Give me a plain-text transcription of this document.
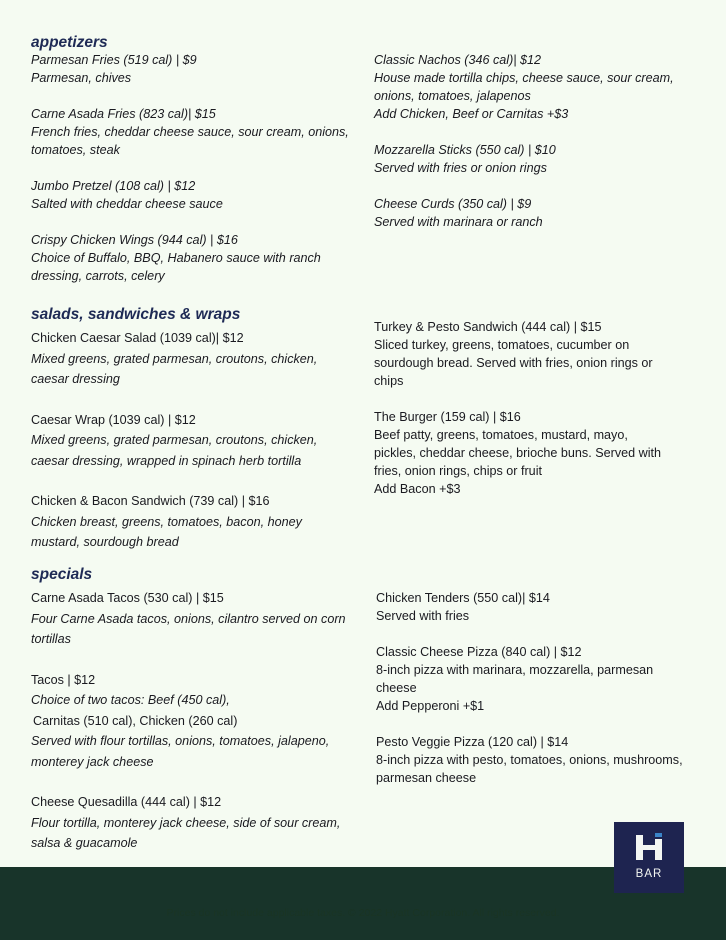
appetizers
Parmesan Fries (519 cal) | $9
Parmesan, chives
Carne Asada Fries (823 cal)| $15
French fries, cheddar cheese sauce, sour cream, onions, tomatoes, steak
Jumbo Pretzel (108 cal) | $12
Salted with cheddar cheese sauce
Crispy Chicken Wings (944 cal) | $16
Choice of Buffalo, BBQ, Habanero sauce with ranch dressing, carrots, celery
Classic Nachos (346 cal)| $12
House made tortilla chips, cheese sauce, sour cream, onions, tomatoes, jalapenos
Add Chicken, Beef or Carnitas +$3
Mozzarella Sticks (550 cal) | $10
Served with fries or onion rings
Cheese Curds (350 cal) | $9
Served with marinara or ranch
salads, sandwiches & wraps
Chicken Caesar Salad (1039 cal)| $12
Mixed greens, grated parmesan, croutons, chicken, caesar dressing
Caesar Wrap (1039 cal) | $12
Mixed greens, grated parmesan, croutons, chicken, caesar dressing, wrapped in spinach herb tortilla
Chicken & Bacon Sandwich (739 cal) | $16
Chicken breast, greens, tomatoes, bacon, honey mustard, sourdough bread
Turkey & Pesto Sandwich (444 cal) | $15
Sliced turkey, greens, tomatoes, cucumber on sourdough bread. Served with fries, onion rings or chips
The Burger (159 cal) | $16
Beef patty, greens, tomatoes, mustard, mayo, pickles, cheddar cheese, brioche buns. Served with fries, onion rings, chips or fruit
Add Bacon +$3
specials
Carne Asada Tacos (530 cal) | $15
Four Carne Asada tacos, onions, cilantro served on corn tortillas
Tacos | $12
Choice of two tacos: Beef (450 cal),
Carnitas (510 cal), Chicken (260 cal)
Served with flour tortillas, onions, tomatoes, jalapeno, monterey jack cheese
Cheese Quesadilla (444 cal) | $12
Flour tortilla, monterey jack cheese, side of sour cream, salsa & guacamole
Chicken Tenders (550 cal)| $14
Served with fries
Classic Cheese Pizza (840 cal) | $12
8-inch pizza with marinara, mozzarella, parmesan cheese
Add Pepperoni +$1
Pesto Veggie Pizza (120 cal) | $14
8-inch pizza with pesto, tomatoes, onions, mushrooms, parmesan cheese
Prices do not include applicable taxes. © 2022 Hyatt Corporation. All rights reserved.
BAR
